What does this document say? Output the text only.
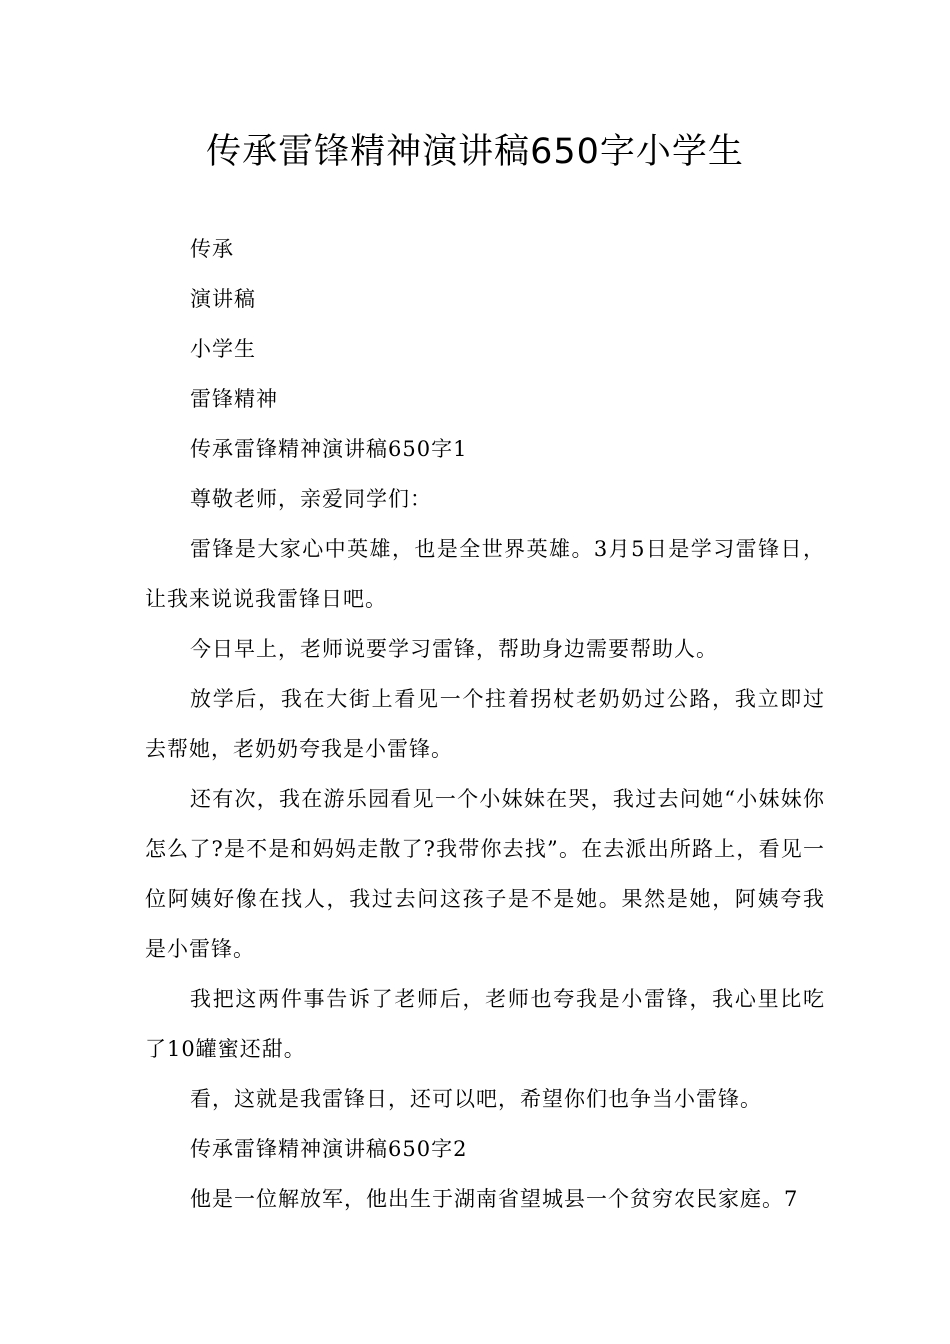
传承雷锋精神演讲稿650字小学生

传承

演讲稿

小学生

雷锋精神

传承雷锋精神演讲稿650字1

尊敬老师，亲爱同学们：

雷锋是大家心中英雄，也是全世界英雄。3月5日是学习雷锋日，让我来说说我雷锋日吧。

今日早上，老师说要学习雷锋，帮助身边需要帮助人。

放学后，我在大街上看见一个拄着拐杖老奶奶过公路，我立即过去帮她，老奶奶夸我是小雷锋。

还有次，我在游乐园看见一个小妹妹在哭，我过去问她“小妹妹你怎么了?是不是和妈妈走散了?我带你去找”。在去派出所路上，看见一位阿姨好像在找人，我过去问这孩子是不是她。果然是她，阿姨夸我是小雷锋。

我把这两件事告诉了老师后，老师也夸我是小雷锋，我心里比吃了10罐蜜还甜。

看，这就是我雷锋日，还可以吧，希望你们也争当小雷锋。

传承雷锋精神演讲稿650字2

他是一位解放军，他出生于湖南省望城县一个贫穷农民家庭。7
